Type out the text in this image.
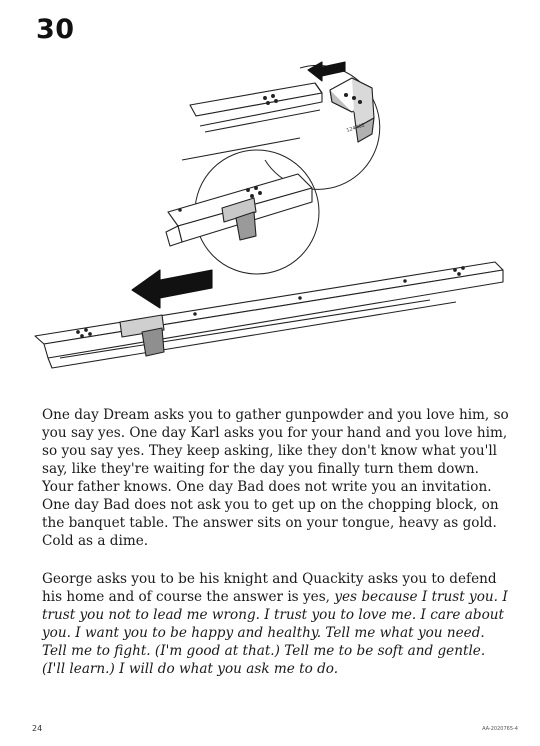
30
124402

One day Dream asks you to gather gunpowder and you love him, so you say yes. One day Karl asks you for your hand and you love him, so you say yes. They keep asking, like they don't know what you'll say, like they're waiting for the day you finally turn them down. Your father knows. One day Bad does not write you an invitation. One day Bad does not ask you to get up on the chopping block, on the banquet table. The answer sits on your tongue, heavy as gold. Cold as a dime.

George asks you to be his knight and Quackity asks you to defend his home and of course the answer is yes, yes because I trust you. I trust you not to lead me wrong. I trust you to love me. I care about you. I want you to be happy and healthy. Tell me what you need. Tell me to fight. (I'm good at that.) Tell me to be soft and gentle. (I'll learn.) I will do what you ask me to do.

24	AA-2020765-4
